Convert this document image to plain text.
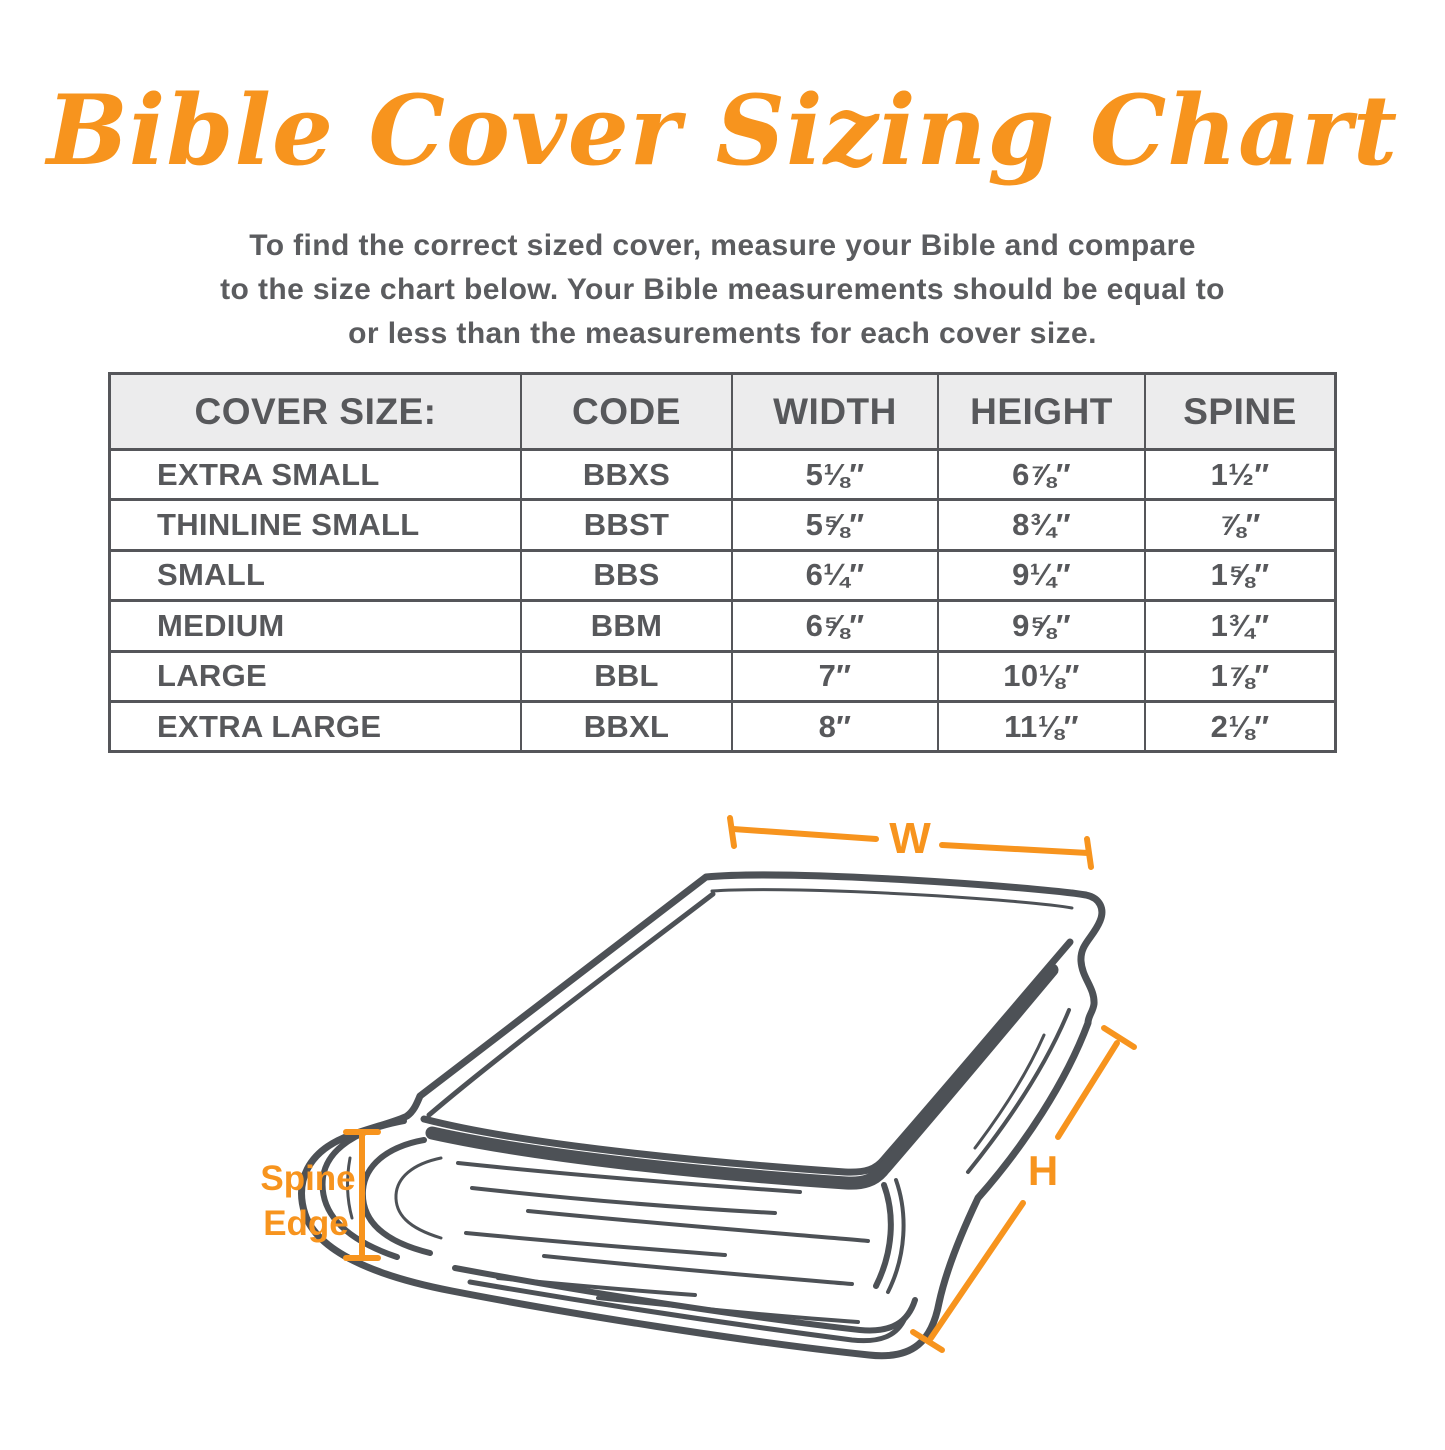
Bible Cover Sizing Chart
To find the correct sized cover, measure your Bible and compare
to the size chart below. Your Bible measurements should be equal to
or less than the measurements for each cover size.
COVER SIZE:	CODE	WIDTH	HEIGHT	SPINE
EXTRA SMALL	BBXS	5⅛″	6⅞″	1½″
THINLINE SMALL	BBST	5⅝″	8¾″	⅞″
SMALL	BBS	6¼″	9¼″	1⅝″
MEDIUM	BBM	6⅝″	9⅝″	1¾″
LARGE	BBL	7″	10⅛″	1⅞″
EXTRA LARGE	BBXL	8″	11⅛″	2⅛″
W
H
Spine
Edge
